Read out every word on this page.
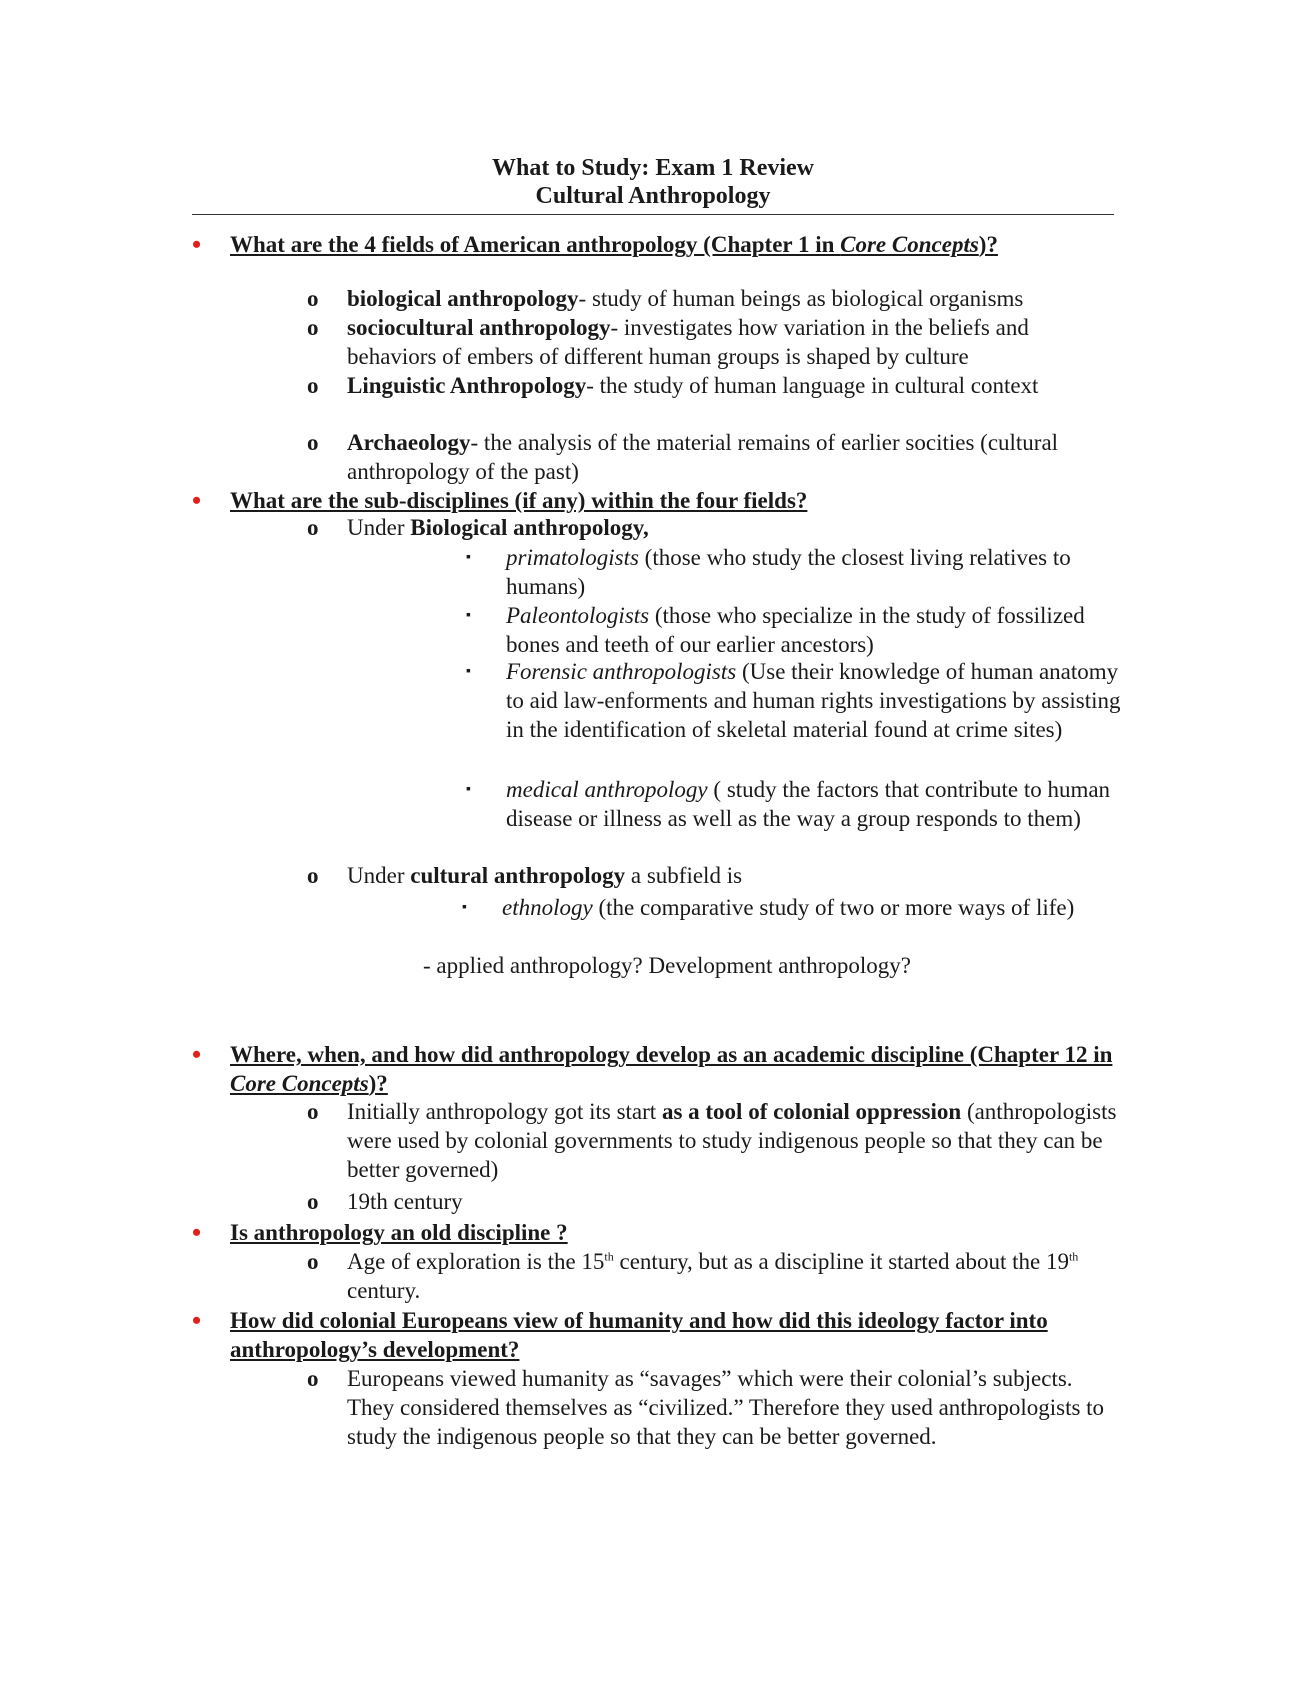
What to Study: Exam 1 Review
Cultural Anthropology
• What are the 4 fields of American anthropology (Chapter 1 in Core Concepts)?
o biological anthropology- study of human beings as biological organisms
o sociocultural anthropology- investigates how variation in the beliefs and behaviors of embers of different human groups is shaped by culture
o Linguistic Anthropology- the study of human language in cultural context
o Archaeology- the analysis of the material remains of earlier socities (cultural anthropology of the past)
• What are the sub-disciplines (if any) within the four fields?
o Under Biological anthropology,
▪ primatologists (those who study the closest living relatives to humans)
▪ Paleontologists (those who specialize in the study of fossilized bones and teeth of our earlier ancestors)
▪ Forensic anthropologists (Use their knowledge of human anatomy to aid law-enforments and human rights investigations by assisting in the identification of skeletal material found at crime sites)
▪ medical anthropology ( study the factors that contribute to human disease or illness as well as the way a group responds to them)
o Under cultural anthropology a subfield is
▪ ethnology (the comparative study of two or more ways of life)
- applied anthropology? Development anthropology?
• Where, when, and how did anthropology develop as an academic discipline (Chapter 12 in Core Concepts)?
o Initially anthropology got its start as a tool of colonial oppression (anthropologists were used by colonial governments to study indigenous people so that they can be better governed)
o 19th century
• Is anthropology an old discipline ?
o Age of exploration is the 15th century, but as a discipline it started about the 19th century.
• How did colonial Europeans view of humanity and how did this ideology factor into anthropology’s development?
o Europeans viewed humanity as “savages” which were their colonial’s subjects. They considered themselves as “civilized.” Therefore they used anthropologists to study the indigenous people so that they can be better governed.
